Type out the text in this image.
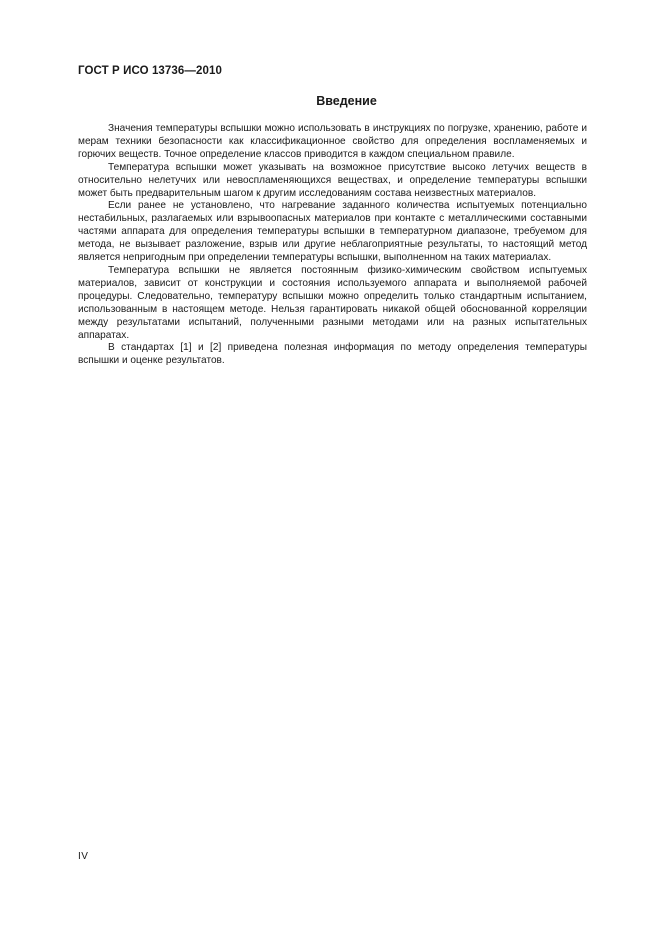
ГОСТ Р ИСО 13736—2010
Введение

Значения температуры вспышки можно использовать в инструкциях по погрузке, хранению, работе и мерам техники безопасности как классификационное свойство для определения воспламеняемых и горючих веществ. Точное определение классов приводится в каждом специальном правиле.

Температура вспышки может указывать на возможное присутствие высоко летучих веществ в относительно нелетучих или невоспламеняющихся веществах, и определение температуры вспышки может быть предварительным шагом к другим исследованиям состава неизвестных материалов.

Если ранее не установлено, что нагревание заданного количества испытуемых потенциально нестабильных, разлагаемых или взрывоопасных материалов при контакте с металлическими составными частями аппарата для определения температуры вспышки в температурном диапазоне, требуемом для метода, не вызывает разложение, взрыв или другие неблагоприятные результаты, то настоящий метод является непригодным при определении температуры вспышки, выполненном на таких материалах.

Температура вспышки не является постоянным физико-химическим свойством испытуемых материалов, зависит от конструкции и состояния используемого аппарата и выполняемой рабочей процедуры. Следовательно, температуру вспышки можно определить только стандартным испытанием, использованным в настоящем методе. Нельзя гарантировать никакой общей обоснованной корреляции между результатами испытаний, полученными разными методами или на разных испытательных аппаратах.

В стандартах [1] и [2] приведена полезная информация по методу определения температуры вспышки и оценке результатов.

IV
